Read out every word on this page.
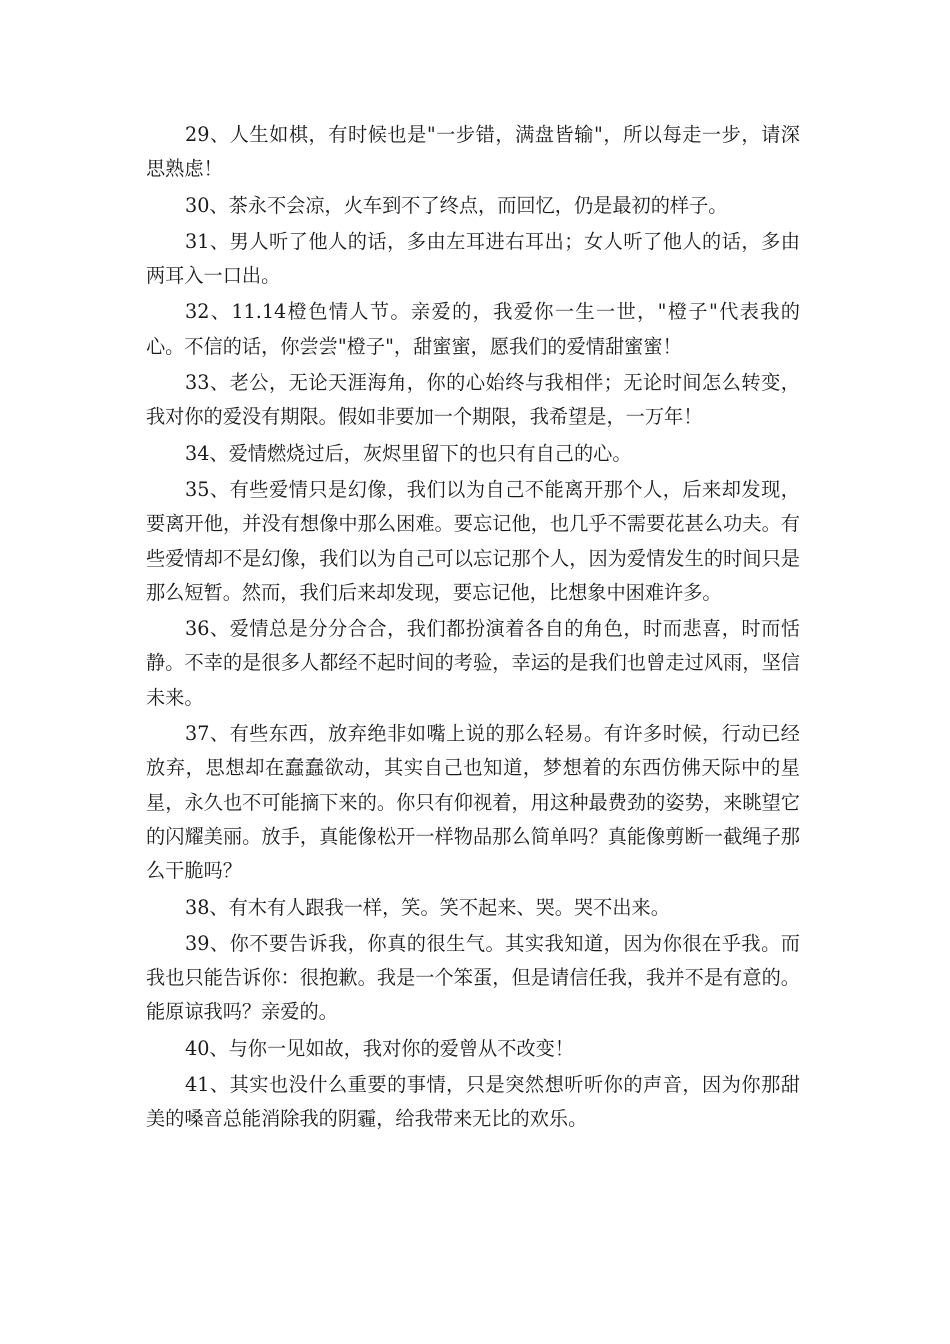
29、人生如棋，有时候也是"一步错，满盘皆输"，所以每走一步，请深思熟虑！

30、茶永不会凉，火车到不了终点，而回忆，仍是最初的样子。

31、男人听了他人的话，多由左耳进右耳出；女人听了他人的话，多由两耳入一口出。

32、11.14橙色情人节。亲爱的，我爱你一生一世，"橙子"代表我的心。不信的话，你尝尝"橙子"，甜蜜蜜，愿我们的爱情甜蜜蜜！

33、老公，无论天涯海角，你的心始终与我相伴；无论时间怎么转变，我对你的爱没有期限。假如非要加一个期限，我希望是，一万年！

34、爱情燃烧过后，灰烬里留下的也只有自己的心。

35、有些爱情只是幻像，我们以为自己不能离开那个人，后来却发现，要离开他，并没有想像中那么困难。要忘记他，也几乎不需要花甚么功夫。有些爱情却不是幻像，我们以为自己可以忘记那个人，因为爱情发生的时间只是那么短暂。然而，我们后来却发现，要忘记他，比想象中困难许多。

36、爱情总是分分合合，我们都扮演着各自的角色，时而悲喜，时而恬静。不幸的是很多人都经不起时间的考验，幸运的是我们也曾走过风雨，坚信未来。

37、有些东西，放弃绝非如嘴上说的那么轻易。有许多时候，行动已经放弃，思想却在蠢蠢欲动，其实自己也知道，梦想着的东西仿佛天际中的星星，永久也不可能摘下来的。你只有仰视着，用这种最费劲的姿势，来眺望它的闪耀美丽。放手，真能像松开一样物品那么简单吗？真能像剪断一截绳子那么干脆吗？

38、有木有人跟我一样，笑。笑不起来、哭。哭不出来。

39、你不要告诉我，你真的很生气。其实我知道，因为你很在乎我。而我也只能告诉你：很抱歉。我是一个笨蛋，但是请信任我，我并不是有意的。能原谅我吗？亲爱的。

40、与你一见如故，我对你的爱曾从不改变！

41、其实也没什么重要的事情，只是突然想听听你的声音，因为你那甜美的嗓音总能消除我的阴霾，给我带来无比的欢乐。
